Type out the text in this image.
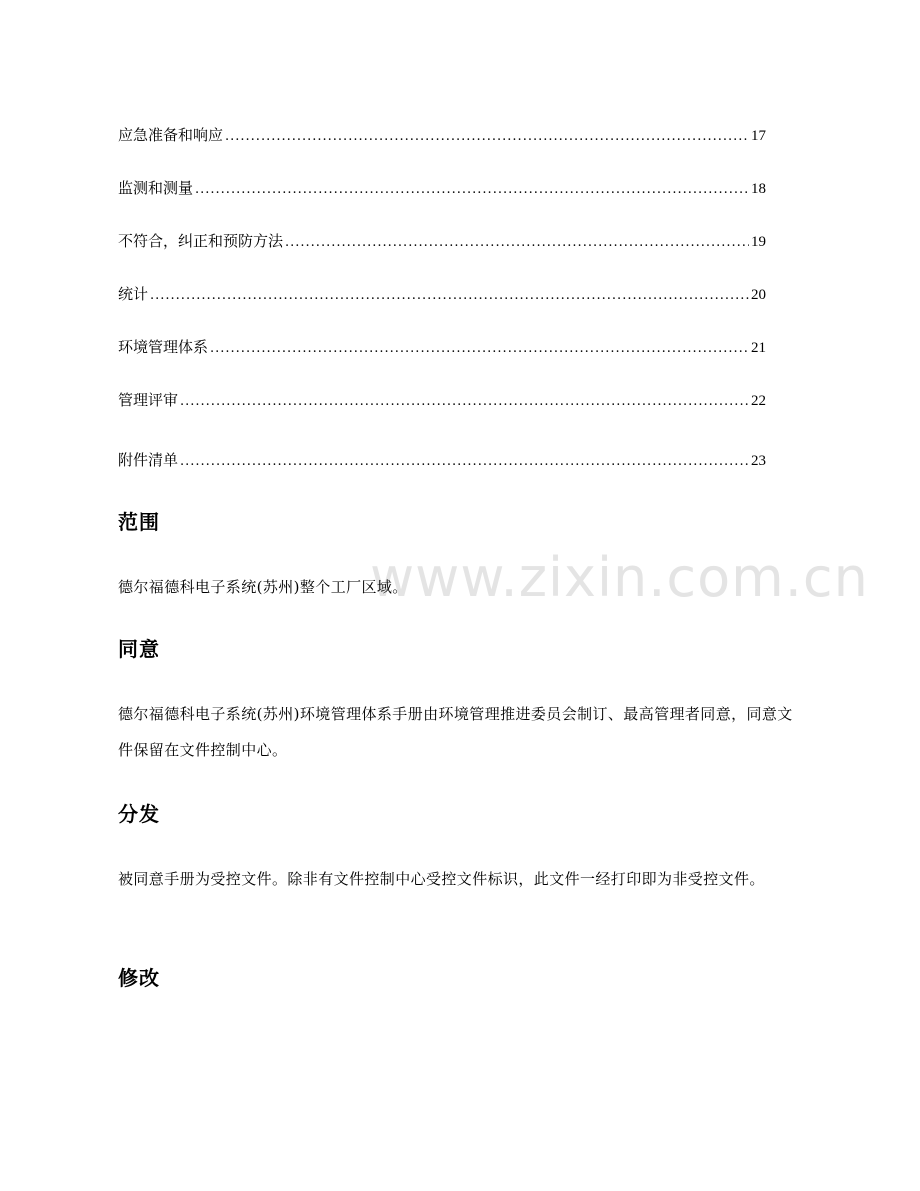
应急准备和响应 .....	17
监测和测量 .....	18
不符合，纠正和预防方法 .....	19
统计 .....	20
环境管理体系 .....	21
管理评审 .....	22
附件清单 .....	23
www.zixin.com.cn
范围
德尔福德科电子系统(苏州)整个工厂区域。
同意
德尔福德科电子系统(苏州)环境管理体系手册由环境管理推进委员会制订、最高管理者同意，同意文件保留在文件控制中心。
分发
被同意手册为受控文件。除非有文件控制中心受控文件标识，此文件一经打印即为非受控文件。
修改
